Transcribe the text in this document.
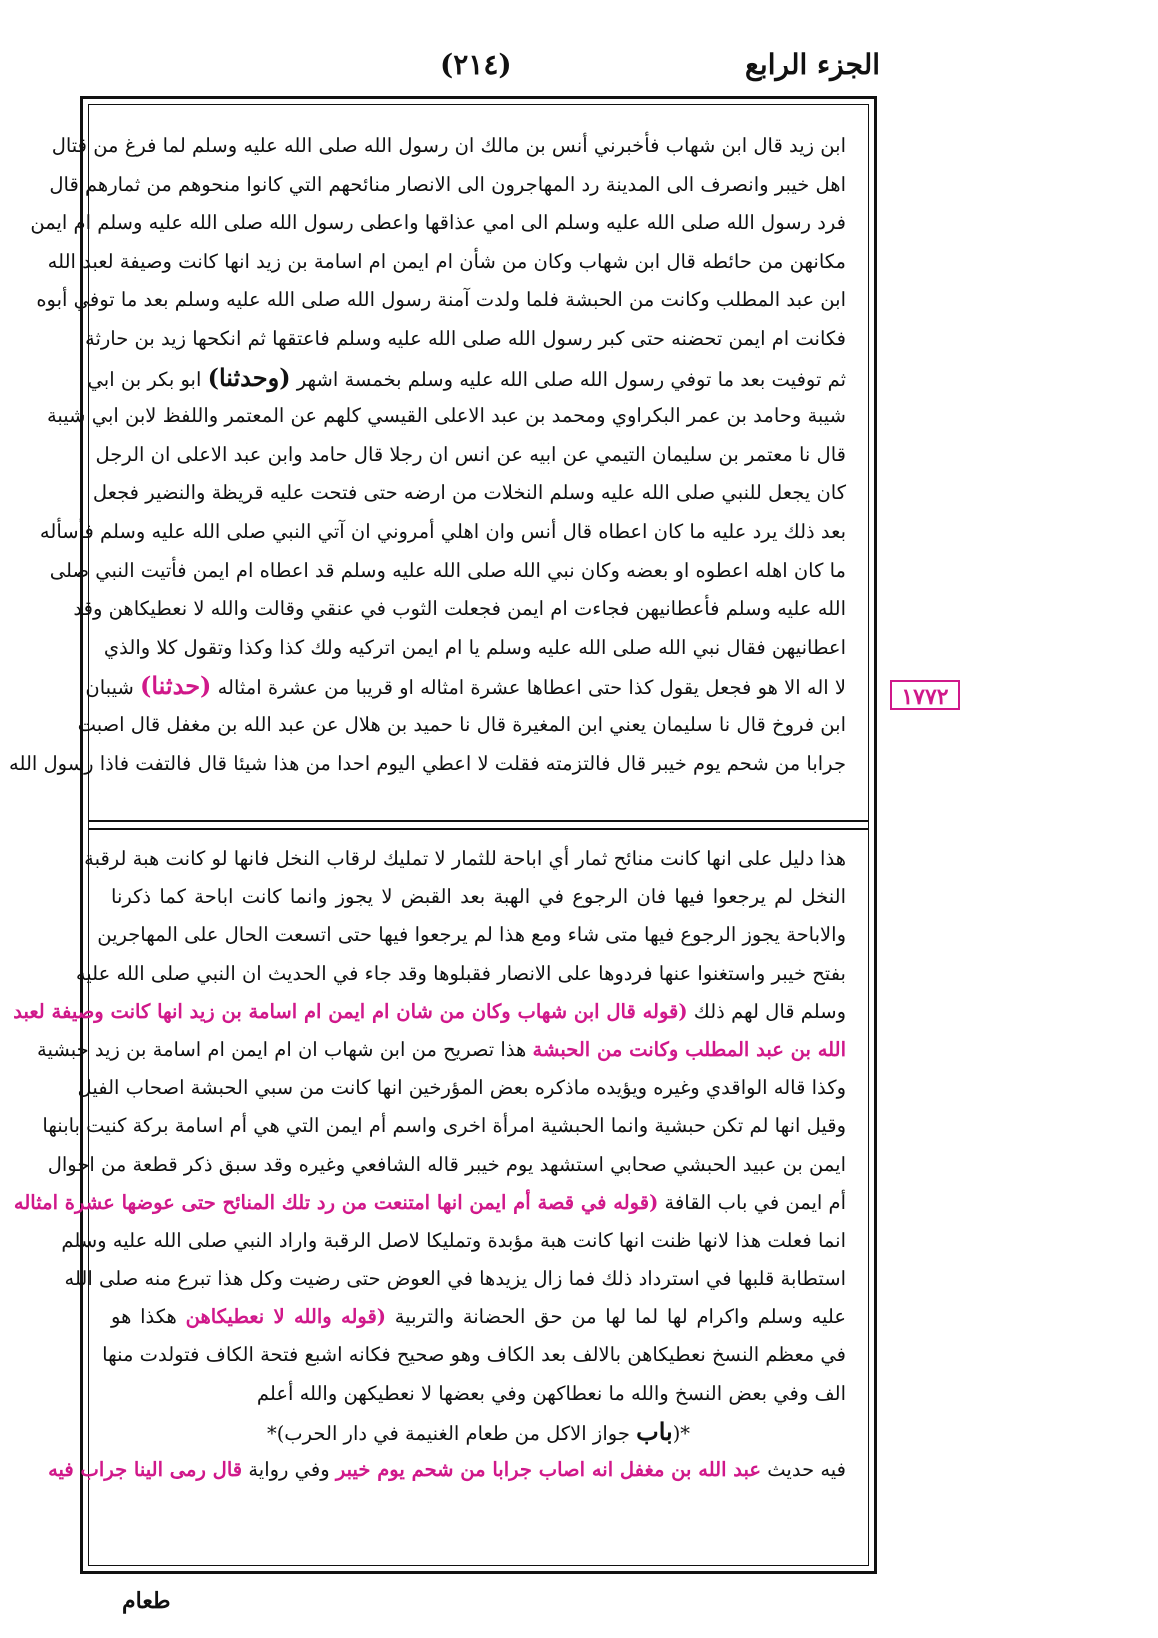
الجزء الرابع
(٢١٤)
ابن زيد قال ابن شهاب فأخبرني أنس بن مالك ان رسول الله صلى الله عليه وسلم لما فرغ من قتال
اهل خيبر وانصرف الى المدينة رد المهاجرون الى الانصار منائحهم التي كانوا منحوهم من ثمارهم قال
فرد رسول الله صلى الله عليه وسلم الى امي عذاقها واعطى رسول الله صلى الله عليه وسلم ام ايمن
مكانهن من حائطه قال ابن شهاب وكان من شأن ام ايمن ام اسامة بن زيد انها كانت وصيفة لعبد الله
ابن عبد المطلب وكانت من الحبشة فلما ولدت آمنة رسول الله صلى الله عليه وسلم بعد ما توفي أبوه
فكانت ام ايمن تحضنه حتى كبر رسول الله صلى الله عليه وسلم فاعتقها ثم انكحها زيد بن حارثة
ثم توفيت بعد ما توفي رسول الله صلى الله عليه وسلم بخمسة اشهر (وحدثنا) ابو بكر بن ابي
شيبة وحامد بن عمر البكراوي ومحمد بن عبد الاعلى القيسي كلهم عن المعتمر واللفظ لابن ابي شيبة
قال نا معتمر بن سليمان التيمي عن ابيه عن انس ان رجلا قال حامد وابن عبد الاعلى ان الرجل
كان يجعل للنبي صلى الله عليه وسلم النخلات من ارضه حتى فتحت عليه قريظة والنضير فجعل
بعد ذلك يرد عليه ما كان اعطاه قال أنس وان اهلي أمروني ان آتي النبي صلى الله عليه وسلم فأسأله
ما كان اهله اعطوه او بعضه وكان نبي الله صلى الله عليه وسلم قد اعطاه ام ايمن فأتيت النبي صلى
الله عليه وسلم فأعطانيهن فجاءت ام ايمن فجعلت الثوب في عنقي وقالت والله لا نعطيكاهن وقد
اعطانيهن فقال نبي الله صلى الله عليه وسلم يا ام ايمن اتركيه ولك كذا وكذا وتقول كلا والذي
لا اله الا هو فجعل يقول كذا حتى اعطاها عشرة امثاله او قريبا من عشرة امثاله (حدثنا) شيبان
ابن فروخ قال نا سليمان يعني ابن المغيرة قال نا حميد بن هلال عن عبد الله بن مغفل قال اصبت
جرابا من شحم يوم خيبر قال فالتزمته فقلت لا اعطي اليوم احدا من هذا شيئا قال فالتفت فاذا رسول الله
هذا دليل على انها كانت منائح ثمار أي اباحة للثمار لا تمليك لرقاب النخل فانها لو كانت هبة لرقبة
النخل لم يرجعوا فيها فان الرجوع في الهبة بعد القبض لا يجوز وانما كانت اباحة كما ذكرنا
والاباحة يجوز الرجوع فيها متى شاء ومع هذا لم يرجعوا فيها حتى اتسعت الحال على المهاجرين
بفتح خيبر واستغنوا عنها فردوها على الانصار فقبلوها وقد جاء في الحديث ان النبي صلى الله عليه
وسلم قال لهم ذلك (قوله قال ابن شهاب وكان من شان ام ايمن ام اسامة بن زيد انها كانت وصيفة لعبد
الله بن عبد المطلب وكانت من الحبشة هذا تصريح من ابن شهاب ان ام ايمن ام اسامة بن زيد حبشية
وكذا قاله الواقدي وغيره ويؤيده ماذكره بعض المؤرخين انها كانت من سبي الحبشة اصحاب الفيل
وقيل انها لم تكن حبشية وانما الحبشية امرأة اخرى واسم أم ايمن التي هي أم اسامة بركة كنيت بابنها
ايمن بن عبيد الحبشي صحابي استشهد يوم خيبر قاله الشافعي وغيره وقد سبق ذكر قطعة من احوال
أم ايمن في باب القافة (قوله في قصة أم ايمن انها امتنعت من رد تلك المنائح حتى عوضها عشرة امثاله
انما فعلت هذا لانها ظنت انها كانت هبة مؤبدة وتمليكا لاصل الرقبة واراد النبي صلى الله عليه وسلم
استطابة قلبها في استرداد ذلك فما زال يزيدها في العوض حتى رضيت وكل هذا تبرع منه صلى الله
عليه وسلم واكرام لها لما لها من حق الحضانة والتربية (قوله والله لا نعطيكاهن هكذا هو
في معظم النسخ نعطيكاهن بالالف بعد الكاف وهو صحيح فكانه اشبع فتحة الكاف فتولدت منها
الف وفي بعض النسخ والله ما نعطاكهن وفي بعضها لا نعطيكهن والله أعلم
*(باب جواز الاكل من طعام الغنيمة في دار الحرب)*
فيه حديث عبد الله بن مغفل انه اصاب جرابا من شحم يوم خيبر وفي رواية قال رمى الينا جراب فيه
١٧٧٢
طعام
